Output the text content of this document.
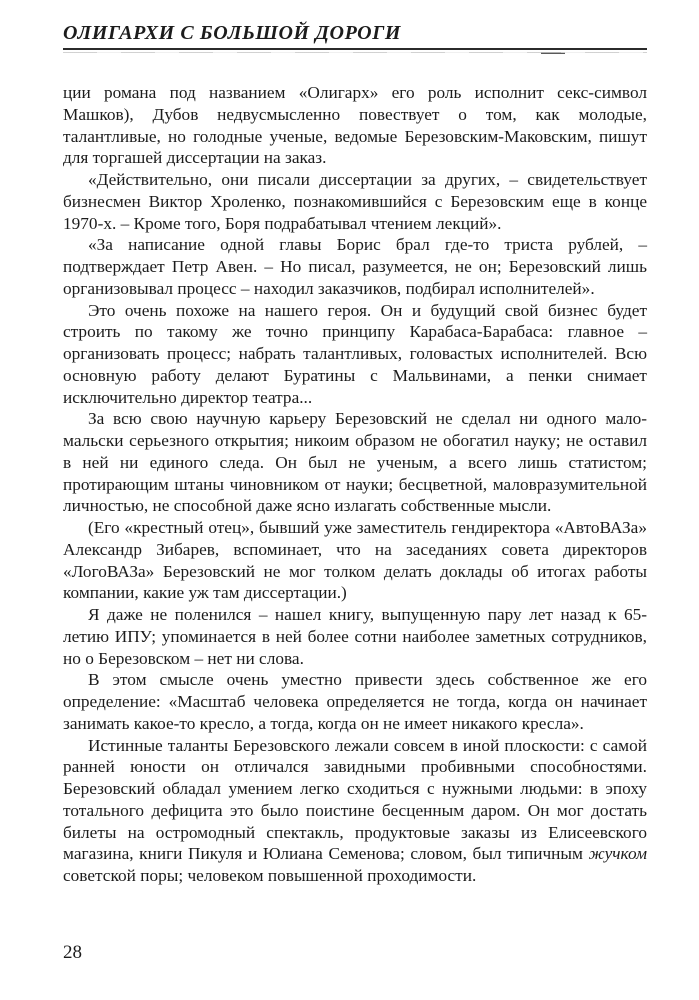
ОЛИГАРХИ С БОЛЬШОЙ ДОРОГИ

ции романа под названием «Олигарх» его роль исполнит секс-символ Машков), Дубов недвусмысленно повествует о том, как молодые, талантливые, но голодные ученые, ведомые Березовским-Маковским, пишут для торгашей диссертации на заказ.

«Действительно, они писали диссертации за других, – свидетельствует бизнесмен Виктор Хроленко, познакомившийся с Березовским еще в конце 1970-х. – Кроме того, Боря подрабатывал чтением лекций».

«За написание одной главы Борис брал где-то триста рублей, – подтверждает Петр Авен. – Но писал, разумеется, не он; Березовский лишь организовывал процесс – находил заказчиков, подбирал исполнителей».

Это очень похоже на нашего героя. Он и будущий свой бизнес будет строить по такому же точно принципу Карабаса-Барабаса: главное – организовать процесс; набрать талантливых, головастых исполнителей. Всю основную работу делают Буратины с Мальвинами, а пенки снимает исключительно директор театра...

За всю свою научную карьеру Березовский не сделал ни одного мало-мальски серьезного открытия; никоим образом не обогатил науку; не оставил в ней ни единого следа. Он был не ученым, а всего лишь статистом; протирающим штаны чиновником от науки; бесцветной, маловразумительной личностью, не способной даже ясно излагать собственные мысли.

(Его «крестный отец», бывший уже заместитель гендиректора «АвтоВАЗа» Александр Зибарев, вспоминает, что на заседаниях совета директоров «ЛогоВАЗа» Березовский не мог толком делать доклады об итогах работы компании, какие уж там диссертации.)

Я даже не поленился – нашел книгу, выпущенную пару лет назад к 65-летию ИПУ; упоминается в ней более сотни наиболее заметных сотрудников, но о Березовском – нет ни слова.

В этом смысле очень уместно привести здесь собственное же его определение: «Масштаб человека определяется не тогда, когда он начинает занимать какое-то кресло, а тогда, когда он не имеет никакого кресла».

Истинные таланты Березовского лежали совсем в иной плоскости: с самой ранней юности он отличался завидными пробивными способностями. Березовский обладал умением легко сходиться с нужными людьми: в эпоху тотального дефицита это было поистине бесценным даром. Он мог достать билеты на остромодный спектакль, продуктовые заказы из Елисеевского магазина, книги Пикуля и Юлиана Семенова; словом, был типичным жучком советской поры; человеком повышенной проходимости.

28
